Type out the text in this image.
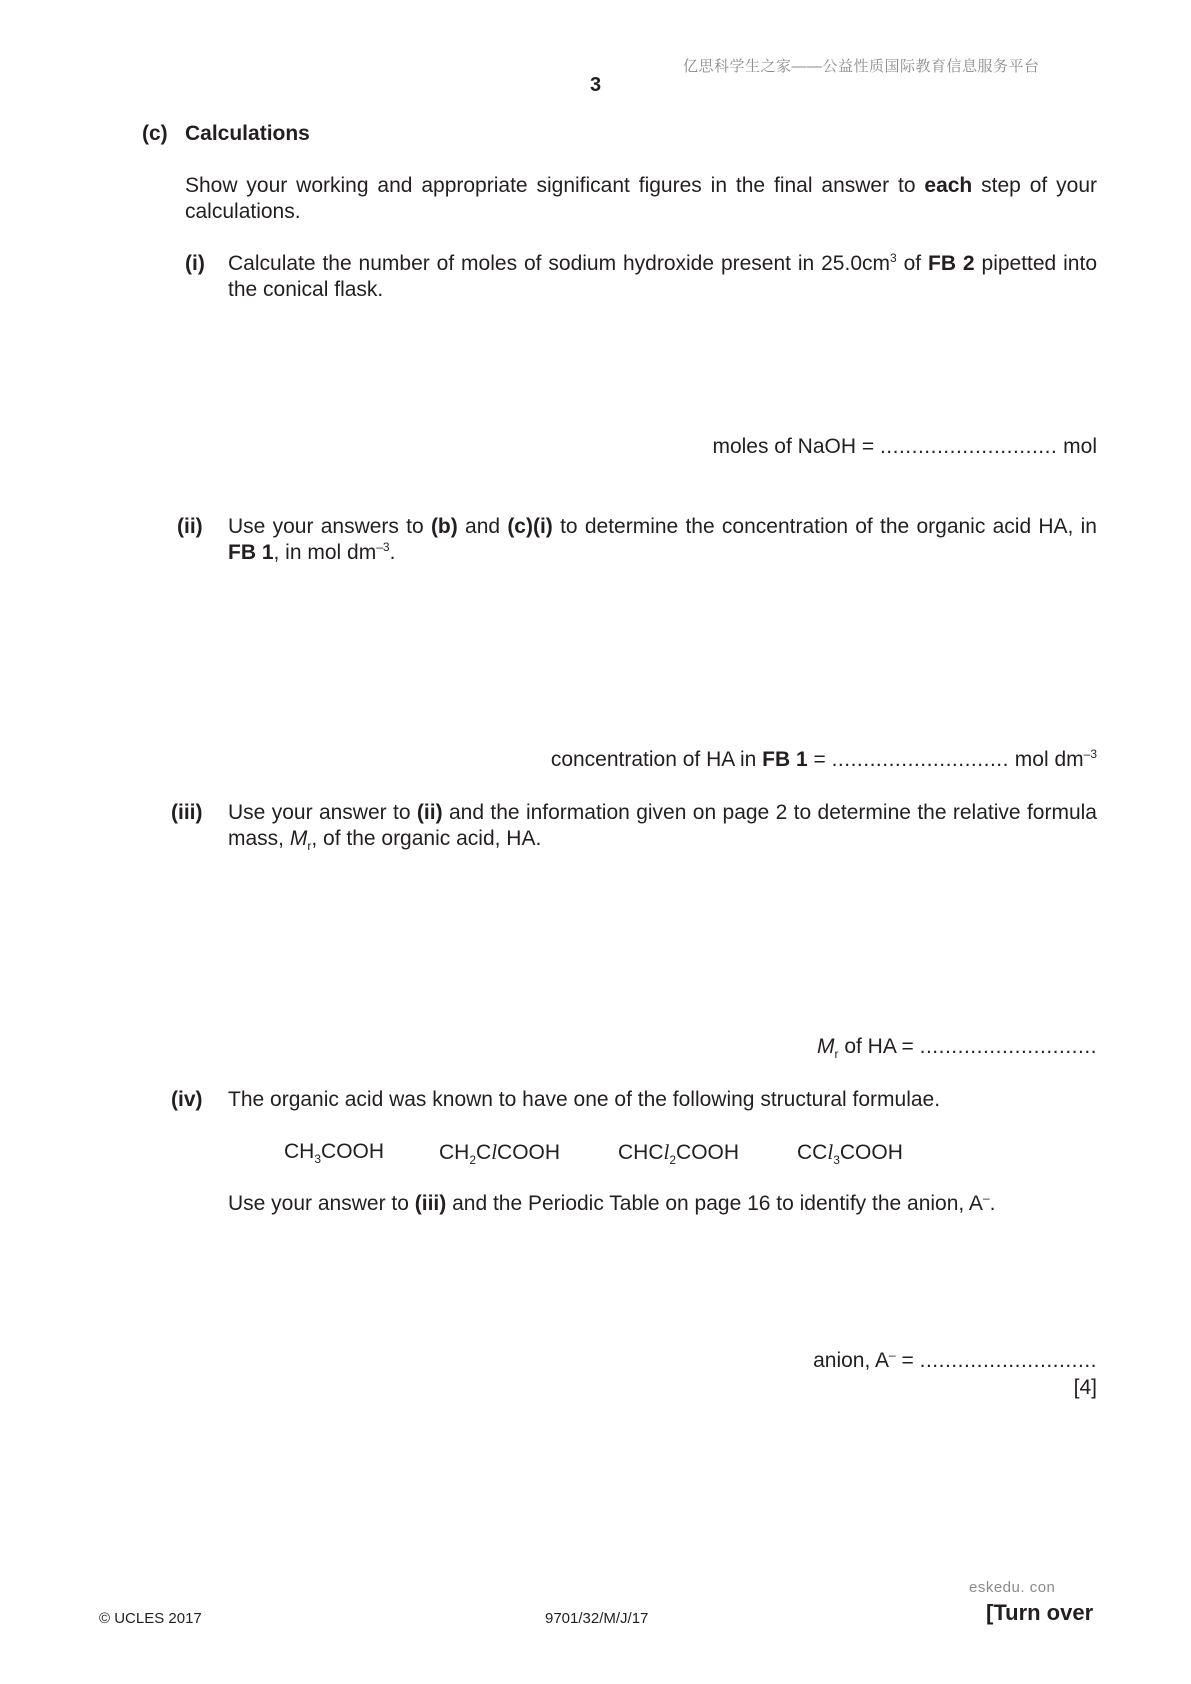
亿思科学生之家——公益性质国际教育信息服务平台
3
(c) Calculations
Show your working and appropriate significant figures in the final answer to each step of your calculations.
(i) Calculate the number of moles of sodium hydroxide present in $25.0cm^3$ of FB 2 pipetted into the conical flask.
moles of NaOH = ............................ mol
(ii) Use your answers to (b) and (c)(i) to determine the concentration of the organic acid HA, in FB 1, in mol $dm^{-3}$.
concentration of HA in FB 1 = ............................ mol $dm^{-3}$
(iii) Use your answer to (ii) and the information given on page 2 to determine the relative formula mass, $M_r$, of the organic acid, HA.
$M_r$ of HA = ............................
(iv) The organic acid was known to have one of the following structural formulae.
$CH_3COOH$	$CH_2ClCOOH$	CHCl$_2$COOH	CCl$_3$COOH
Use your answer to (iii) and the Periodic Table on page 16 to identify the anion, A–.
anion, A– = ............................
[4]
eskedu. con
© UCLES 2017	9701/32/M/J/17	[Turn over
